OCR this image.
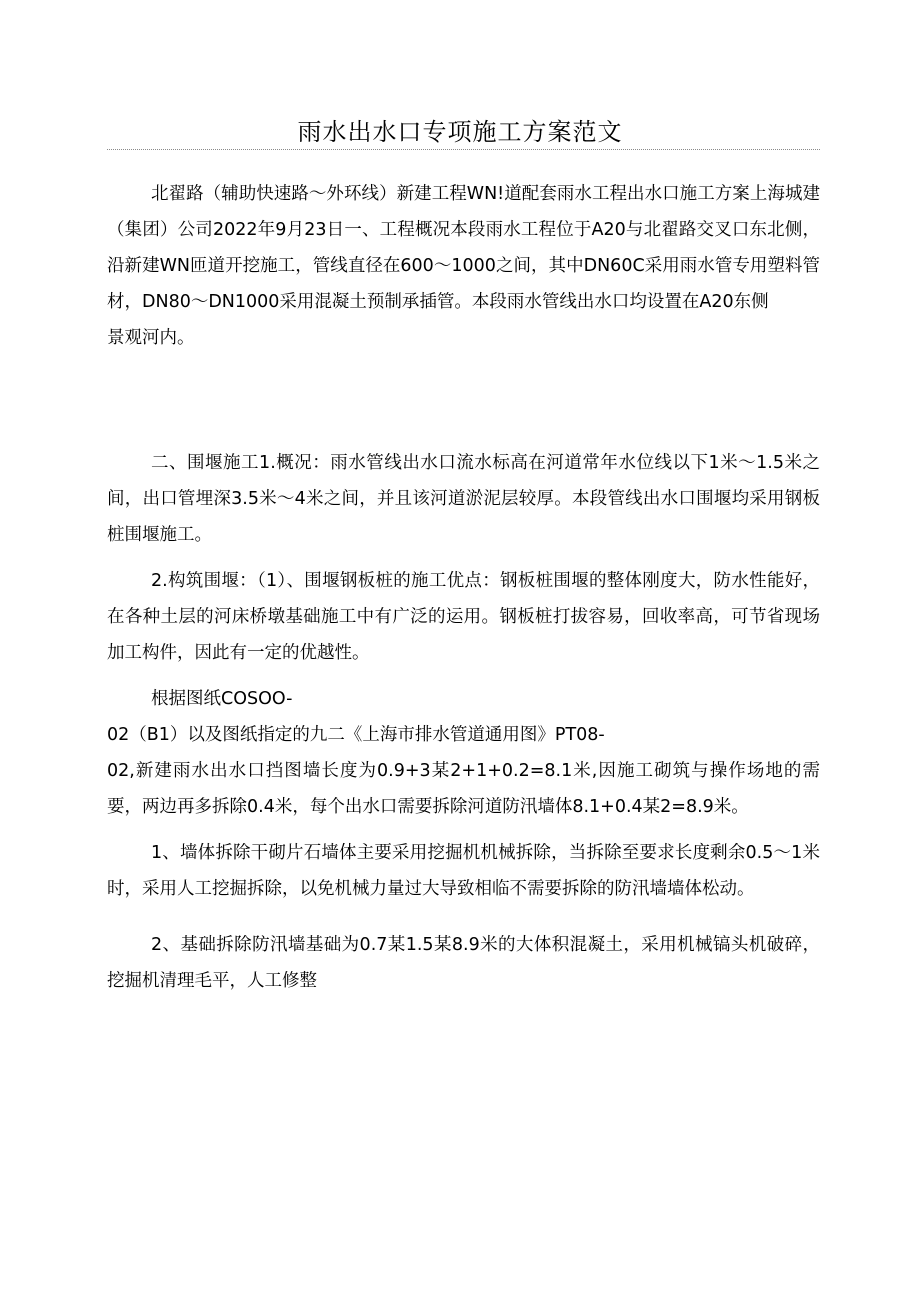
雨水出水口专项施工方案范文

北翟路（辅助快速路～外环线）新建工程WN!道配套雨水工程出水口施工方案上海城建（集团）公司2022年9月23日一、工程概况本段雨水工程位于A20与北翟路交叉口东北侧，沿新建WN匝道开挖施工，管线直径在600～1000之间，其中DN60C采用雨水管专用塑料管材，DN80～DN1000采用混凝土预制承插管。本段雨水管线出水口均设置在A20东侧

景观河内。

二、围堰施工1.概况：雨水管线出水口流水标高在河道常年水位线以下1米～1.5米之间，出口管埋深3.5米～4米之间，并且该河道淤泥层较厚。本段管线出水口围堰均采用钢板桩围堰施工。

2.构筑围堰：（1）、围堰钢板桩的施工优点：钢板桩围堰的整体刚度大，防水性能好，在各种土层的河床桥墩基础施工中有广泛的运用。钢板桩打拔容易，回收率高，可节省现场加工构件，因此有一定的优越性。

根据图纸COSOO-

02（B1）以及图纸指定的九二《上海市排水管道通用图》PT08-

02,新建雨水出水口挡图墙长度为0.9+3某2+1+0.2=8.1米,因施工砌筑与操作场地的需要，两边再多拆除0.4米，每个出水口需要拆除河道防汛墙体8.1+0.4某2=8.9米。

1、墙体拆除干砌片石墙体主要采用挖掘机机械拆除，当拆除至要求长度剩余0.5～1米时，采用人工挖掘拆除，以免机械力量过大导致相临不需要拆除的防汛墙墙体松动。

2、基础拆除防汛墙基础为0.7某1.5某8.9米的大体积混凝土，采用机械镐头机破碎，挖掘机清理毛平，人工修整
